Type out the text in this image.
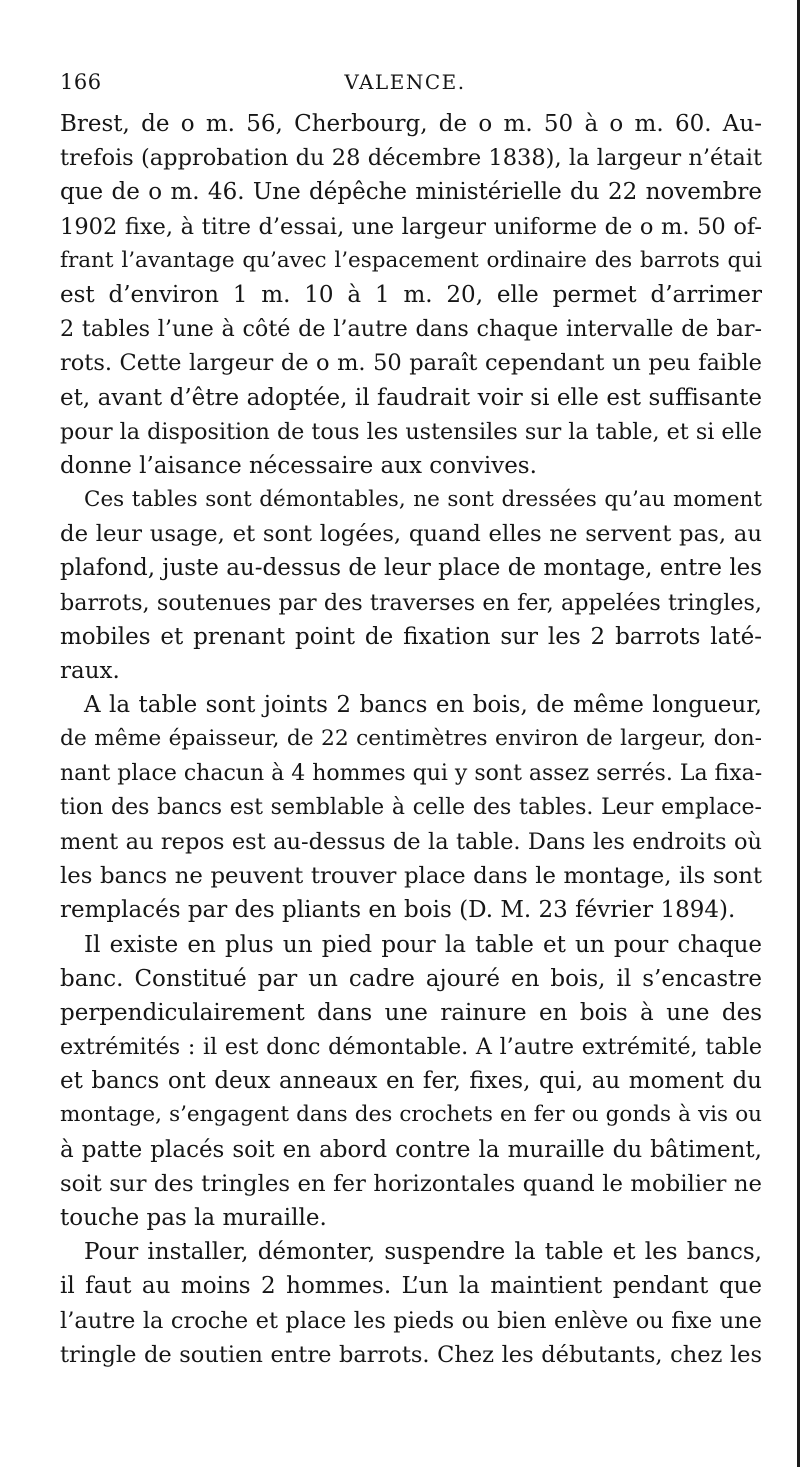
166	VALENCE.
Brest, de o m. 56, Cherbourg, de o m. 50 à o m. 60. Au-
trefois (approbation du 28 décembre 1838), la largeur n’était
que de o m. 46. Une dépêche ministérielle du 22 novembre
1902 fixe, à titre d’essai, une largeur uniforme de o m. 50 of-
frant l’avantage qu’avec l’espacement ordinaire des barrots qui
est d’environ 1 m. 10 à 1 m. 20, elle permet d’arrimer
2 tables l’une à côté de l’autre dans chaque intervalle de bar-
rots. Cette largeur de o m. 50 paraît cependant un peu faible
et, avant d’être adoptée, il faudrait voir si elle est suffisante
pour la disposition de tous les ustensiles sur la table, et si elle
donne l’aisance nécessaire aux convives.
Ces tables sont démontables, ne sont dressées qu’au moment
de leur usage, et sont logées, quand elles ne servent pas, au
plafond, juste au-dessus de leur place de montage, entre les
barrots, soutenues par des traverses en fer, appelées tringles,
mobiles et prenant point de fixation sur les 2 barrots laté-
raux.
A la table sont joints 2 bancs en bois, de même longueur,
de même épaisseur, de 22 centimètres environ de largeur, don-
nant place chacun à 4 hommes qui y sont assez serrés. La fixa-
tion des bancs est semblable à celle des tables. Leur emplace-
ment au repos est au-dessus de la table. Dans les endroits où
les bancs ne peuvent trouver place dans le montage, ils sont
remplacés par des pliants en bois (D. M. 23 février 1894).
Il existe en plus un pied pour la table et un pour chaque
banc. Constitué par un cadre ajouré en bois, il s’encastre
perpendiculairement dans une rainure en bois à une des
extrémités : il est donc démontable. A l’autre extrémité, table
et bancs ont deux anneaux en fer, fixes, qui, au moment du
montage, s’engagent dans des crochets en fer ou gonds à vis ou
à patte placés soit en abord contre la muraille du bâtiment,
soit sur des tringles en fer horizontales quand le mobilier ne
touche pas la muraille.
Pour installer, démonter, suspendre la table et les bancs,
il faut au moins 2 hommes. L’un la maintient pendant que
l’autre la croche et place les pieds ou bien enlève ou fixe une
tringle de soutien entre barrots. Chez les débutants, chez les
